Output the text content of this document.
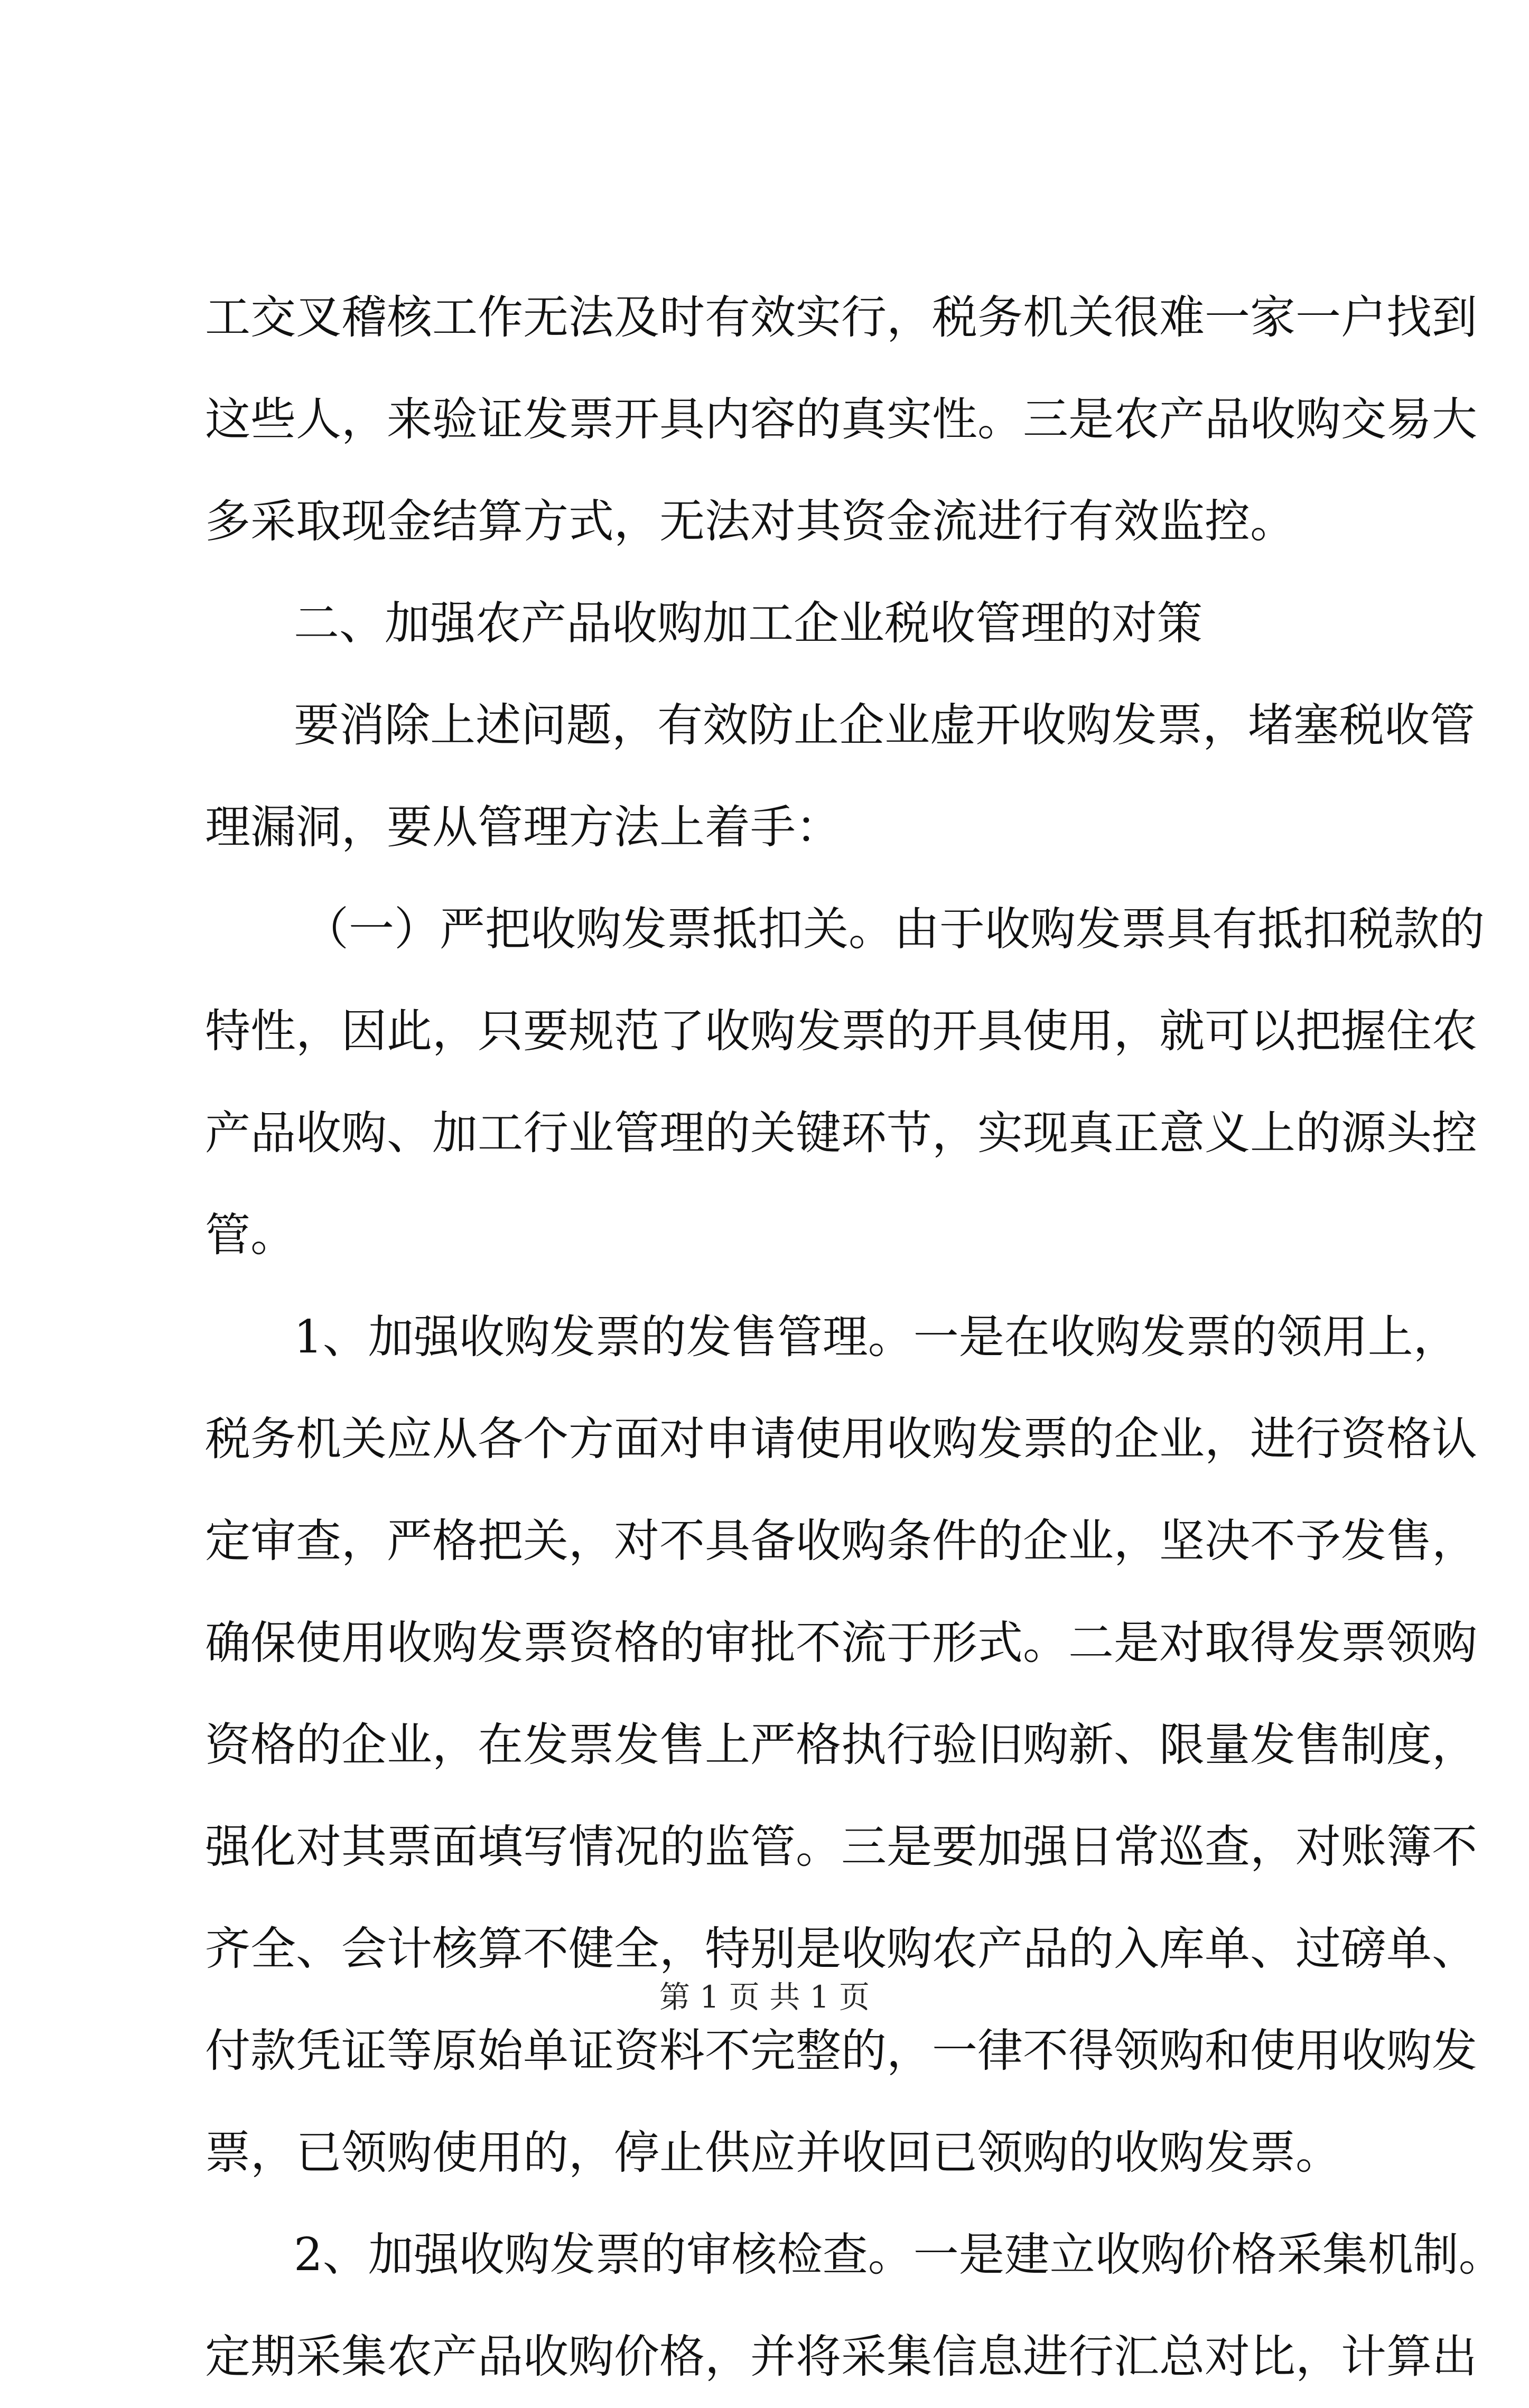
工交叉稽核工作无法及时有效实行，税务机关很难一家一户找到
这些人，来验证发票开具内容的真实性。三是农产品收购交易大
多采取现金结算方式，无法对其资金流进行有效监控。
二、加强农产品收购加工企业税收管理的对策
要消除上述问题，有效防止企业虚开收购发票，堵塞税收管
理漏洞，要从管理方法上着手：
（一）严把收购发票抵扣关。由于收购发票具有抵扣税款的
特性，因此，只要规范了收购发票的开具使用，就可以把握住农
产品收购、加工行业管理的关键环节，实现真正意义上的源头控
管。
1、加强收购发票的发售管理。一是在收购发票的领用上，
税务机关应从各个方面对申请使用收购发票的企业，进行资格认
定审查，严格把关，对不具备收购条件的企业，坚决不予发售，
确保使用收购发票资格的审批不流于形式。二是对取得发票领购
资格的企业，在发票发售上严格执行验旧购新、限量发售制度，
强化对其票面填写情况的监管。三是要加强日常巡查，对账簿不
齐全、会计核算不健全，特别是收购农产品的入库单、过磅单、
付款凭证等原始单证资料不完整的，一律不得领购和使用收购发
票，已领购使用的，停止供应并收回已领购的收购发票。
2、加强收购发票的审核检查。一是建立收购价格采集机制。
定期采集农产品收购价格，并将采集信息进行汇总对比，计算出
第 1 页 共 1 页
